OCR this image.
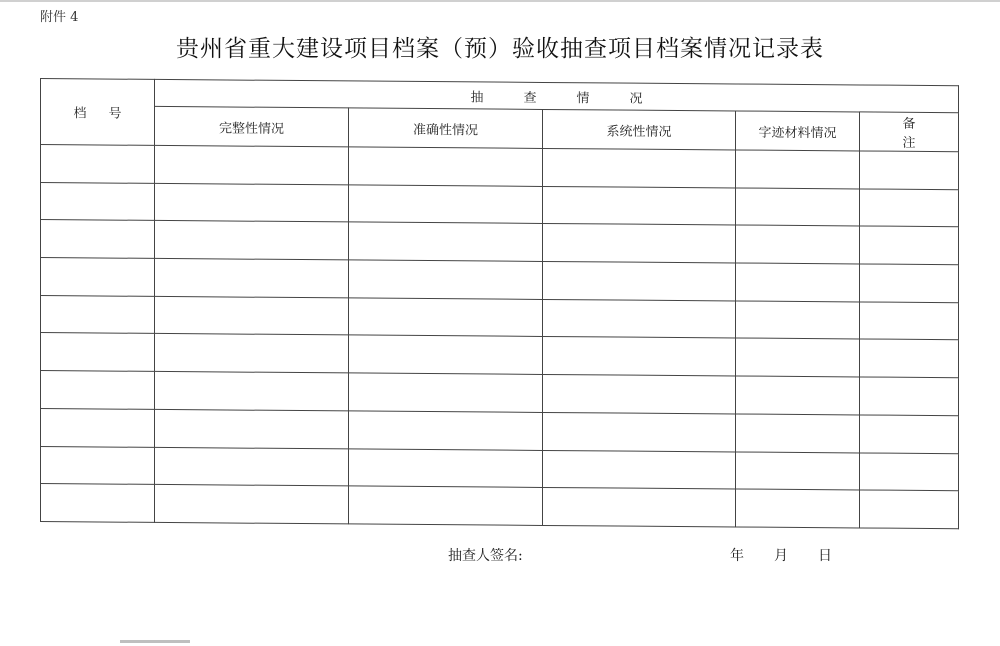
附件 4
贵州省重大建设项目档案（预）验收抽查项目档案情况记录表
档号	抽查情况				
	完整性情况	准确性情况	系统性情况	字迹材料情况	备注

抽查人签名:	年	月	日
